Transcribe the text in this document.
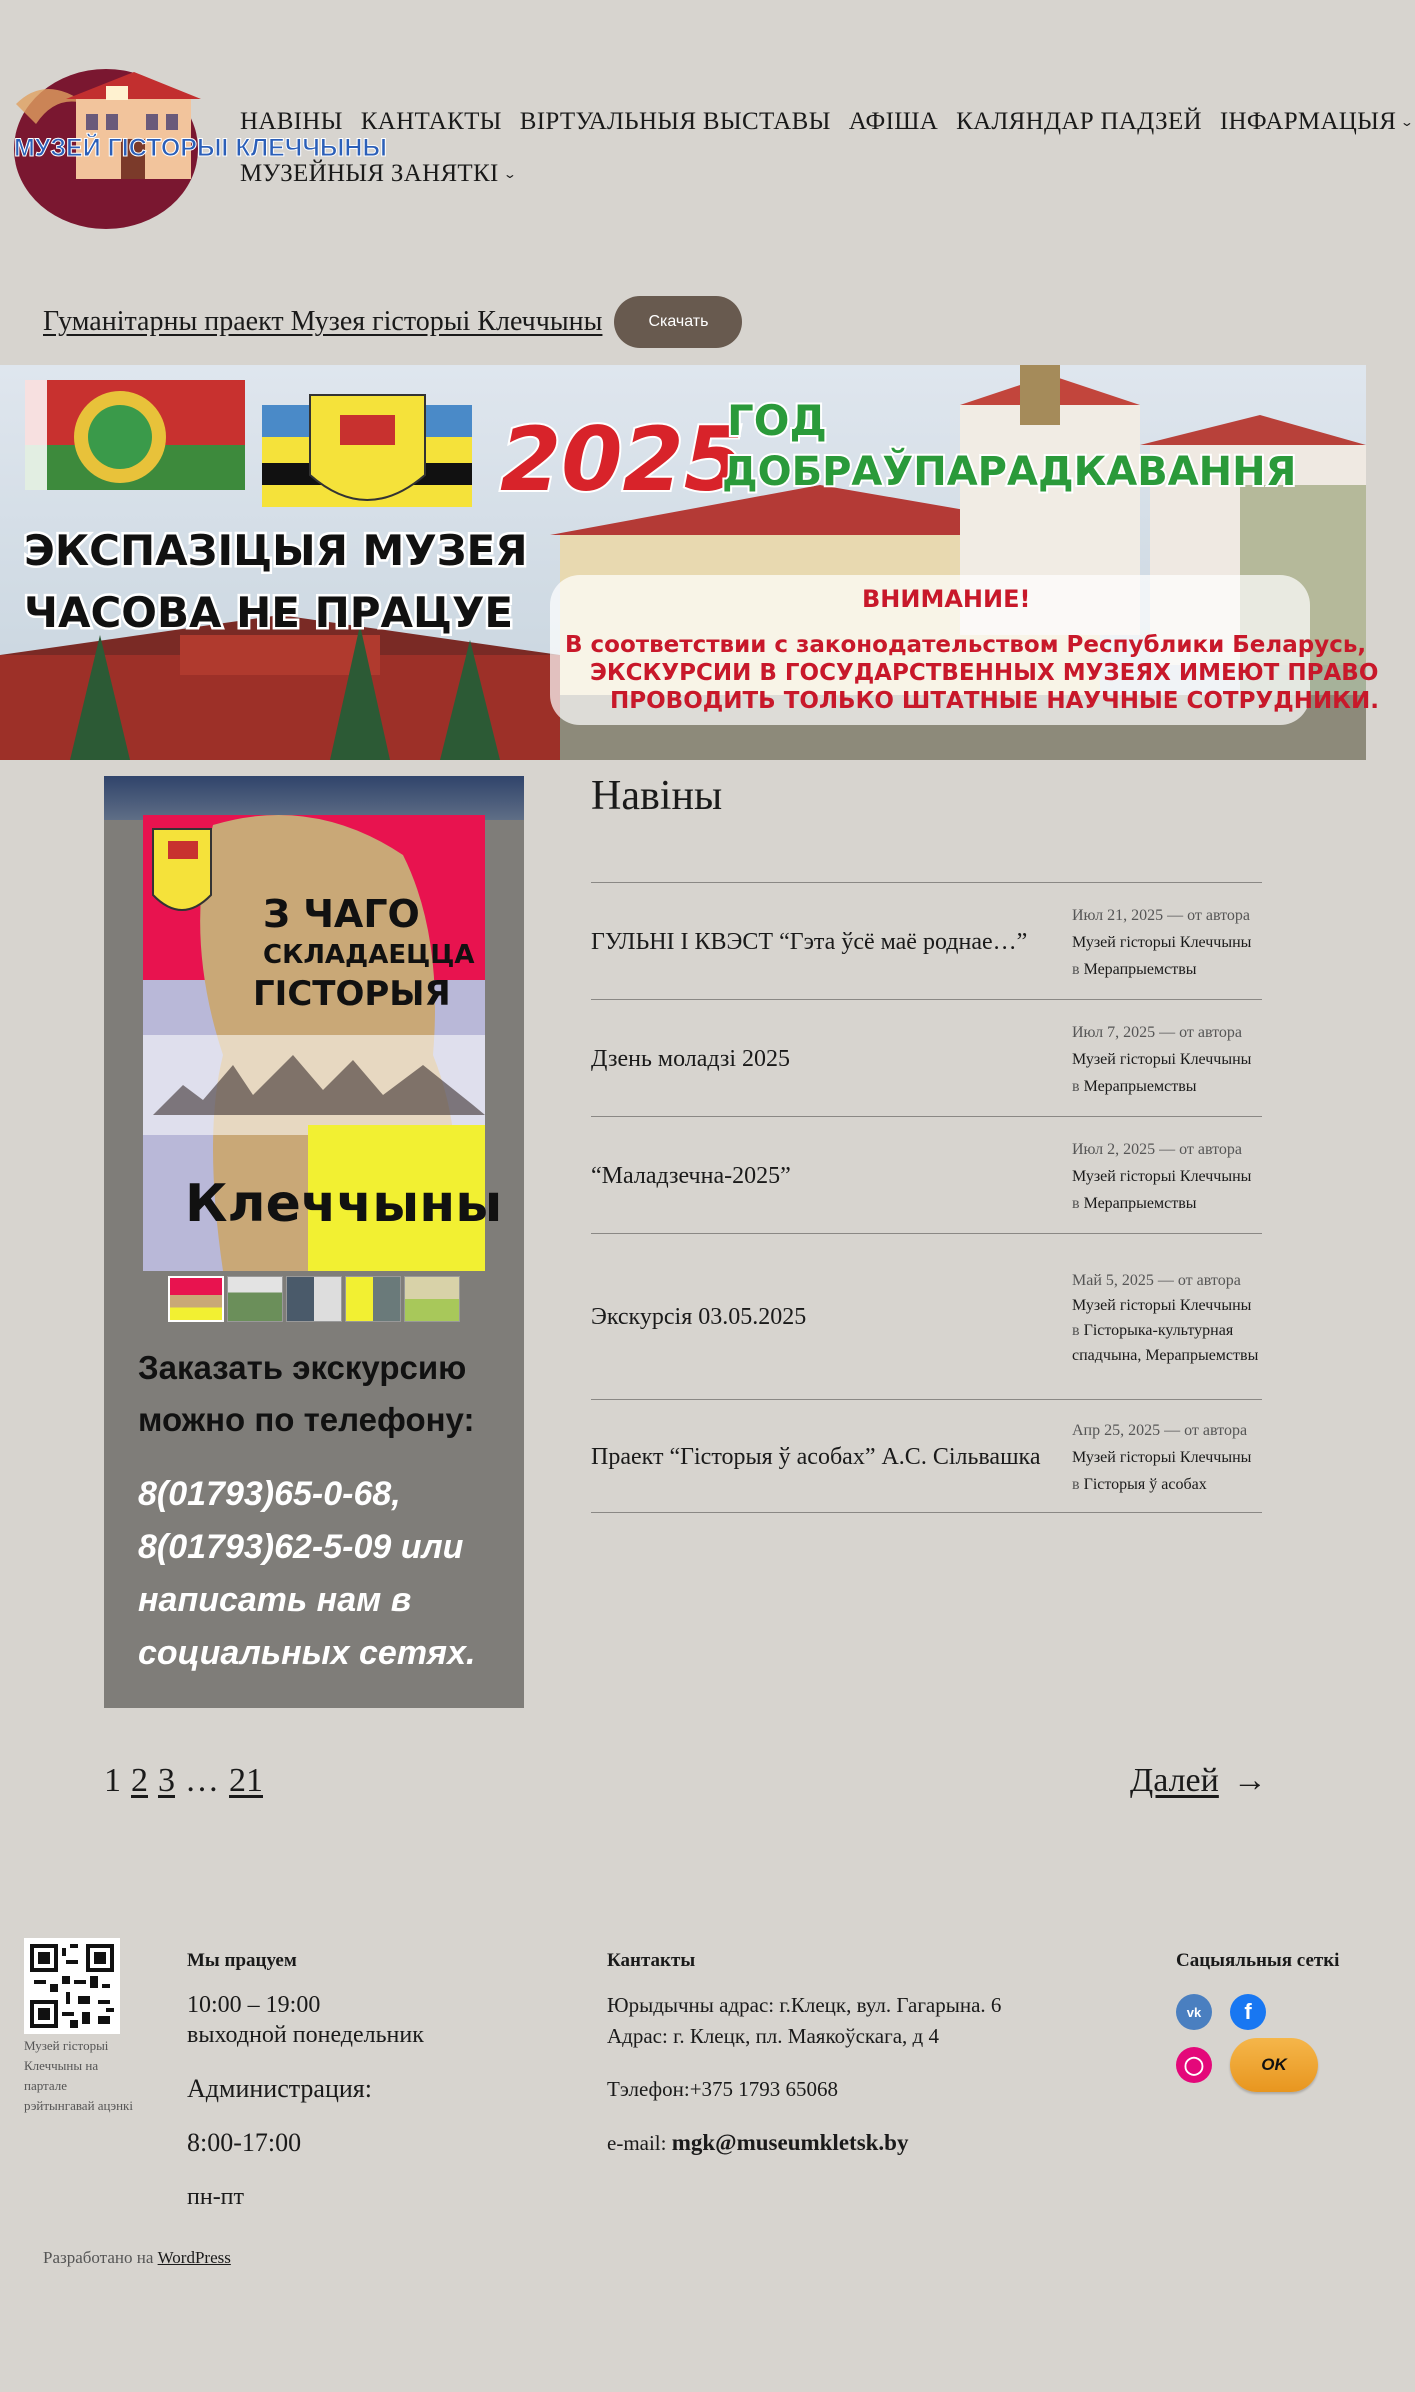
МУЗЕЙ ГІСТОРЫІ КЛЕЧЧЫНЫ
НАВІНЫ КАНТАКТЫ ВІРТУАЛЬНЫЯ ВЫСТАВЫ АФІША КАЛЯНДАР ПАДЗЕЙ ІНФАРМАЦЫЯ ⌄
МУЗЕЙНЫЯ ЗАНЯТКІ ⌄
Гуманітарны праект Музея гісторыі Клеччыны	Скачать
ЭКСПАЗІЦЫЯ МУЗЕЯ
ЧАСОВА НЕ ПРАЦУЕ
2025
ГОД
ДОБРАЎПАРАДКАВАННЯ
ВНИМАНИЕ!
В соответствии с законодательством Республики Беларусь,
ЭКСКУРСИИ В ГОСУДАРСТВЕННЫХ МУЗЕЯХ ИМЕЮТ ПРАВО
ПРОВОДИТЬ ТОЛЬКО ШТАТНЫЕ НАУЧНЫЕ СОТРУДНИКИ.
З ЧАГО
СКЛАДАЕЦЦА
ГІСТОРЫЯ
Клеччыны
Заказать экскурсию можно по телефону:
8(01793)65-0-68, 8(01793)62-5-09 или написать нам в социальных сетях.
Навіны
ГУЛЬНІ І КВЭСТ “Гэта ўсё маё роднае…”
Июл 21, 2025 — от автора
Музей гісторыі Клеччыны
в Мерапрыемствы
Дзень моладзі 2025
Июл 7, 2025 — от автора
Музей гісторыі Клеччыны
в Мерапрыемствы
“Маладзечна-2025”
Июл 2, 2025 — от автора
Музей гісторыі Клеччыны
в Мерапрыемствы
Экскурсія 03.05.2025
Май 5, 2025 — от автора
Музей гісторыі Клеччыны
в Гісторыка-культурная спадчына, Мерапрыемствы
Праект “Гісторыя ў асобах” А.С. Сільвашка
Апр 25, 2025 — от автора
Музей гісторыі Клеччыны
в Гісторыя ў асобах
1 2 3 … 21	Далей →
Музей гісторыі Клеччыны на партале рэйтынгавай ацэнкі
Мы працуем
10:00 – 19:00
выходной понедельник
Администрация:
8:00-17:00
пн-пт
Кантакты
Юрыдычны адрас: г.Клецк, вул. Гагарына. 6
Адрас: г. Клецк, пл. Маякоўскага, д 4
Тэлефон:+375 1793 65068
e-mail: mgk@museumkletsk.by
Сацыяльныя сеткі
vk	f
◯	OK
Разработано на WordPress
